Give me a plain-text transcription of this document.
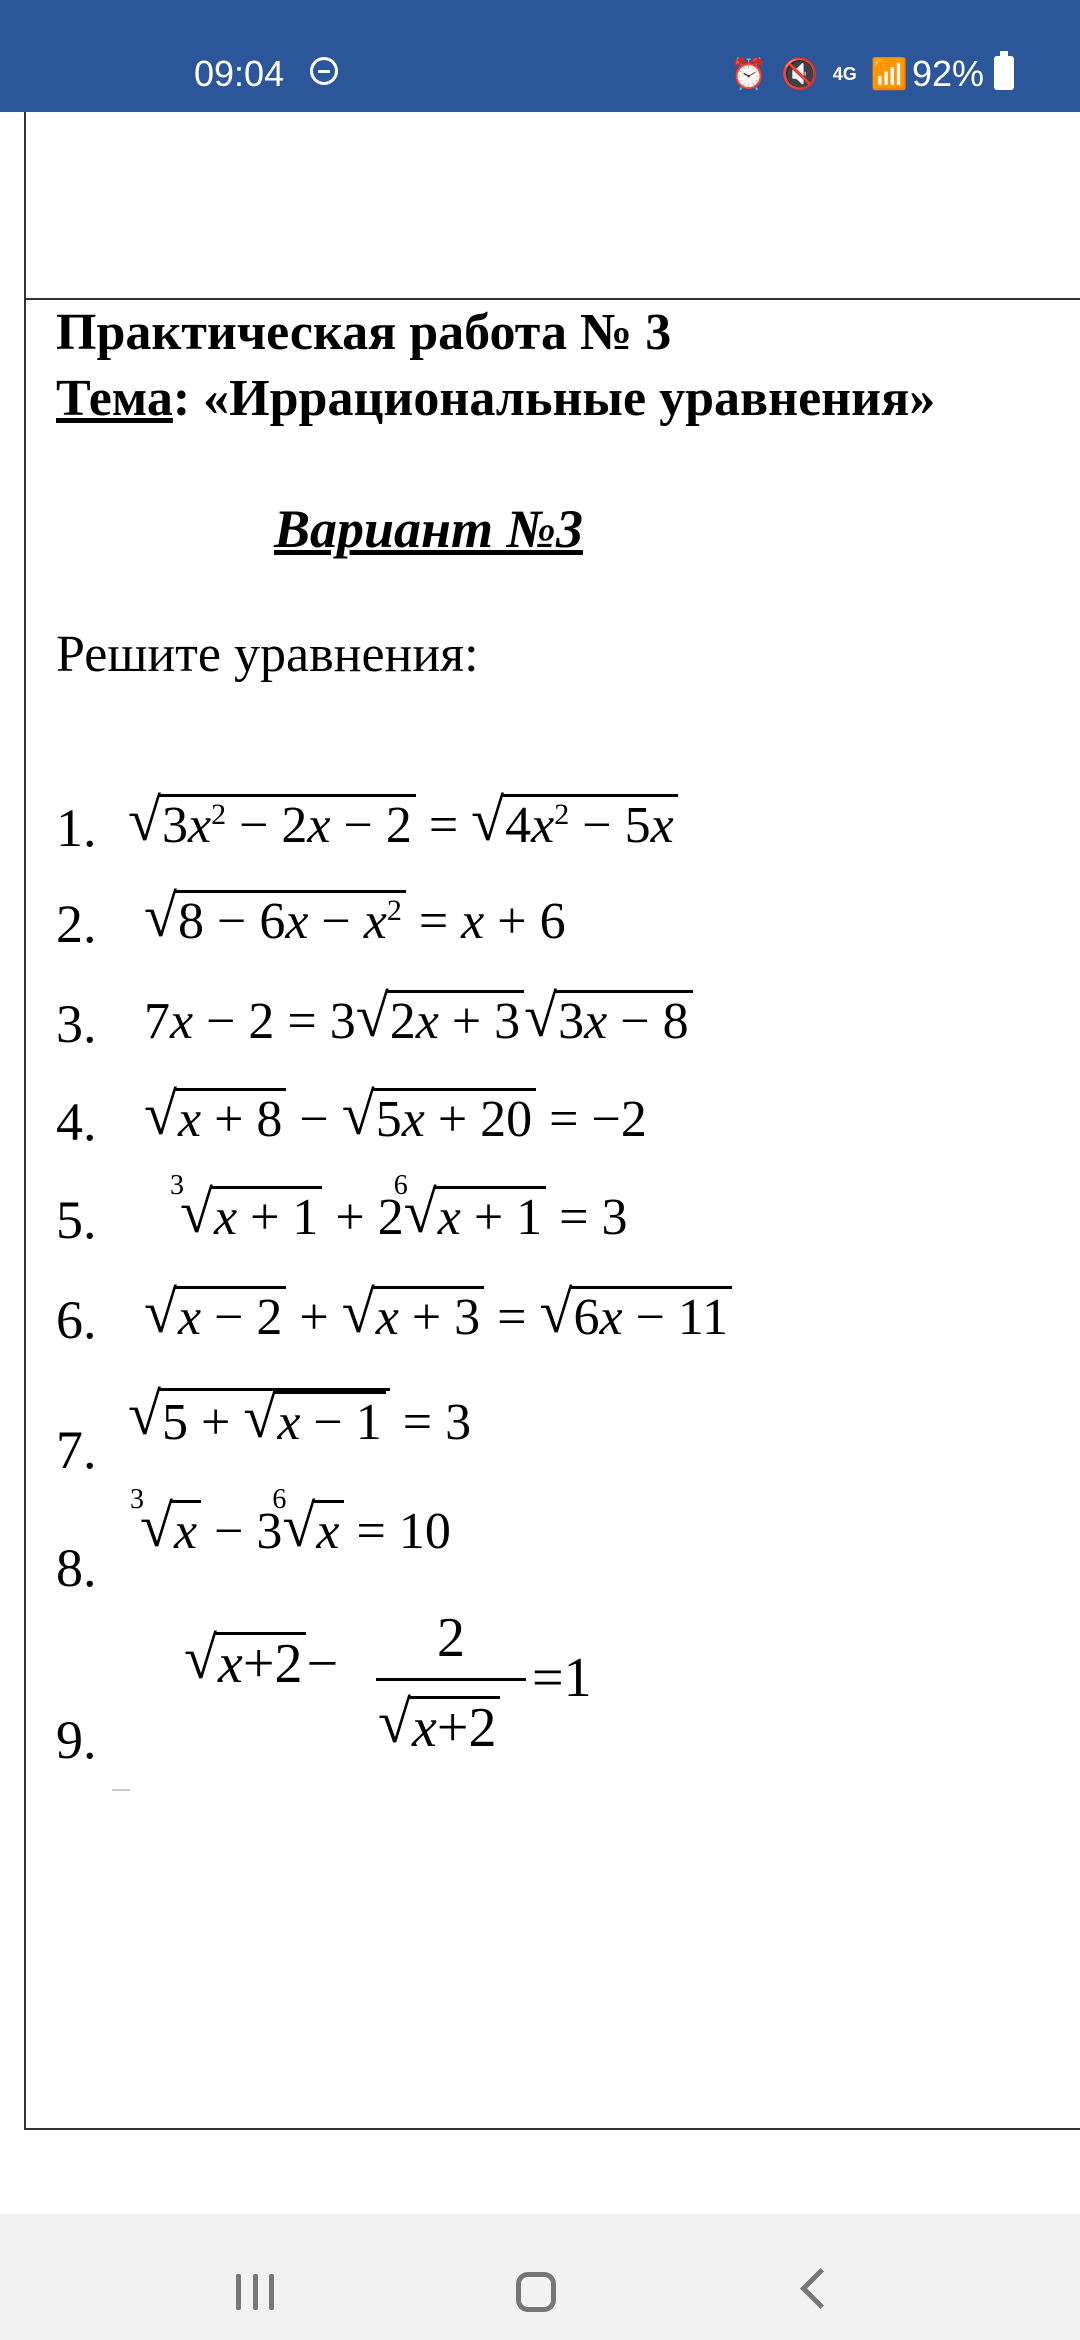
09:04	⏰ 🔇 4G 📶 92%
Практическая работа № 3
Тема: «Иррациональные уравнения»
Вариант №3
Решите уравнения:
1. √ $3x^2 - 2x - 2$ = √ $4x^2 - 5x$
2. √ $8 - 6x - x^2 = x + 6$
3. 7x − 2 = 3 √ 2x + 3 √ 3x − 8
4. √ x + 8 − √ 5x + 20 = −2
5.
3
√ x + 1 + 2
6
√ x + 1 = 3
6. √ x − 2 + √ x + 3 = √ 6x − 11
7.
√ 5 + √ x − 1 = 3
8.
3
√ x − 3
6
√ x = 10
9.
√ x+2−	2
√ x+2
=1
⎯⎯⎯
